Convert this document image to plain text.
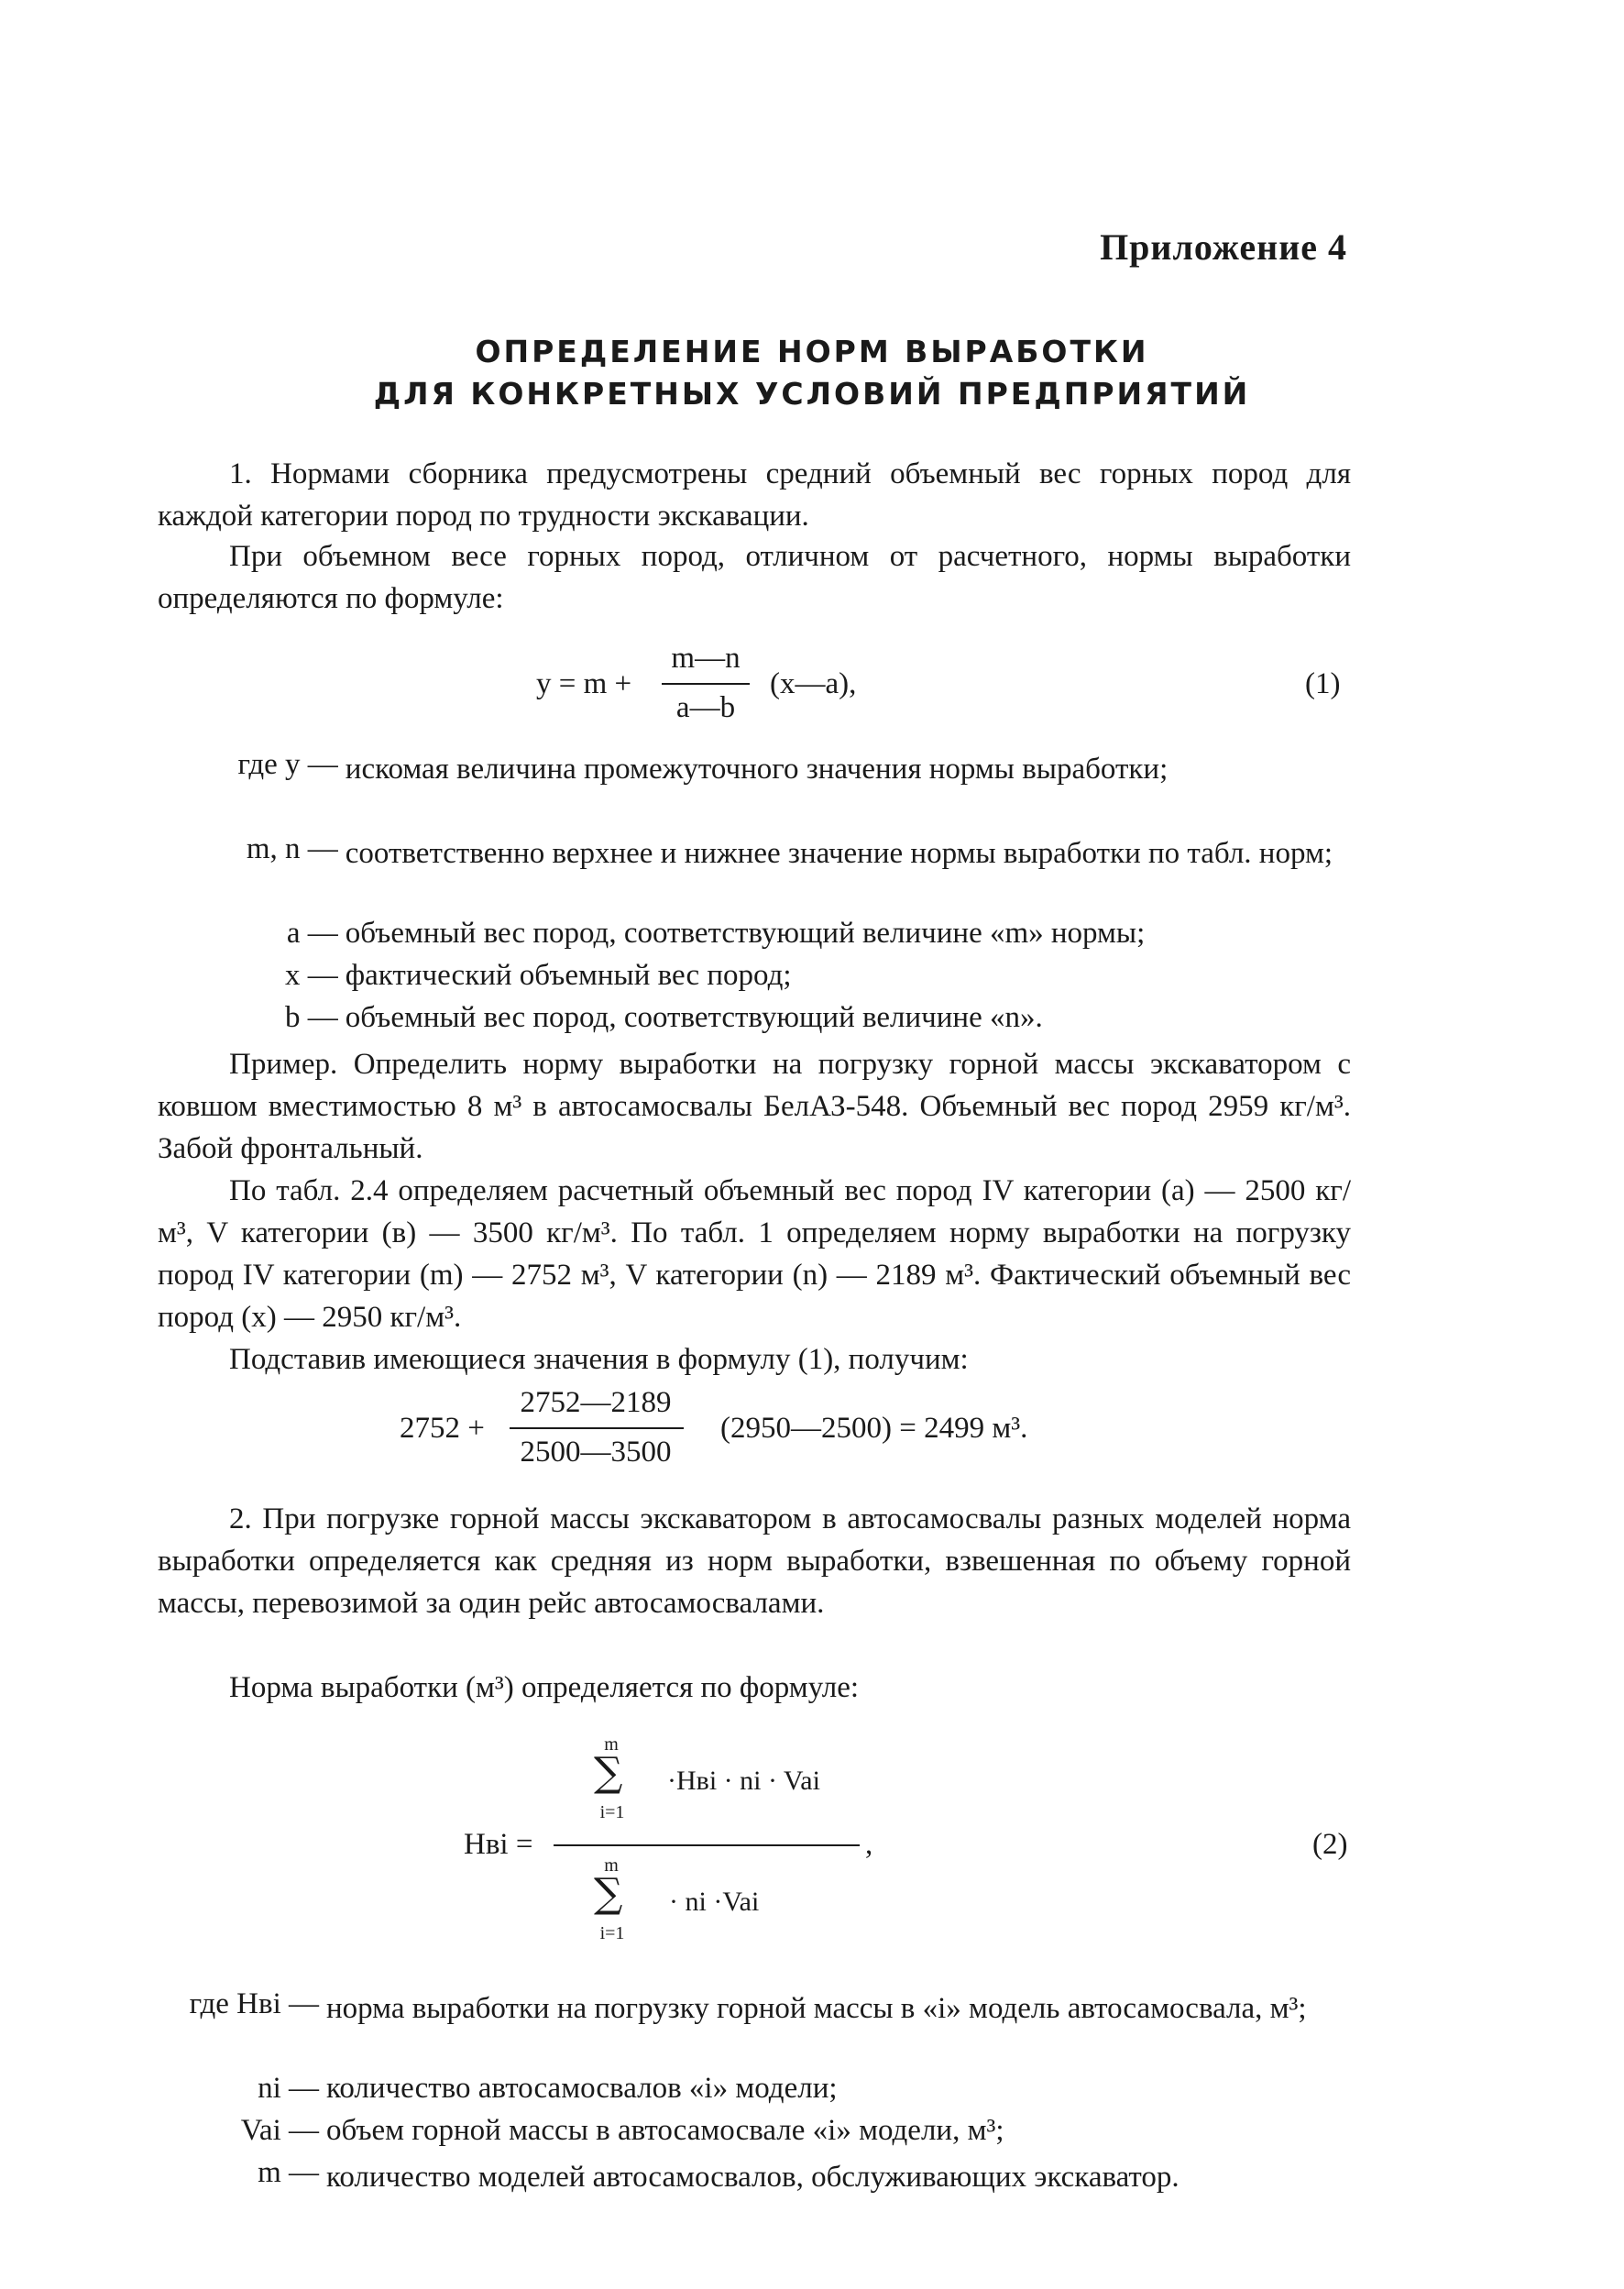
Приложение 4
ОПРЕДЕЛЕНИЕ НОРМ ВЫРАБОТКИ
ДЛЯ КОНКРЕТНЫХ УСЛОВИЙ ПРЕДПРИЯТИЙ
1. Нормами сборника предусмотрены средний объемный вес горных пород для каждой категории пород по трудности экскавации.
При объемном весе горных пород, отличном от расчетного, нормы выработки определяются по формуле:
y = m +
m—n
a—b
(x—a),	(1)
где y — искомая величина промежуточного значения нормы выработки;
m, n — соответственно верхнее и нижнее значение нормы выработки по табл. норм;
a — объемный вес пород, соответствующий величине «m» нормы;
x — фактический объемный вес пород;
b — объемный вес пород, соответствующий величине «n».
Пример. Определить норму выработки на погрузку горной массы экскаватором с ковшом вместимостью 8 м³ в автосамосвалы БелАЗ-548. Объемный вес пород 2959 кг/м³. Забой фронтальный.
По табл. 2.4 определяем расчетный объемный вес пород IV категории (а) — 2500 кг/м³, V категории (в) — 3500 кг/м³. По табл. 1 определяем норму выработки на погрузку пород IV категории (m) — 2752 м³, V категории (n) — 2189 м³. Фактический объемный вес пород (x) — 2950 кг/м³.
Подставив имеющиеся значения в формулу (1), получим:
2752 +
2752—2189
2500—3500
(2950—2500) = 2499 м³.
2. При погрузке горной массы экскаватором в автосамосвалы разных моделей норма выработки определяется как средняя из норм выработки, взвешенная по объему горной массы, перевозимой за один рейс автосамосвалами.
Норма выработки (м³) определяется по формуле:
Hвi =
m
∑
i=1
·Hвi · ni · Vai
m
∑
i=1
· ni ·Vai
,	(2)
где Hвi — норма выработки на погрузку горной массы в «i» модель автосамосвала, м³;
ni — количество автосамосвалов «i» модели;
Vai — объем горной массы в автосамосвале «i» модели, м³;
m — количество моделей автосамосвалов, обслуживающих экскаватор.
